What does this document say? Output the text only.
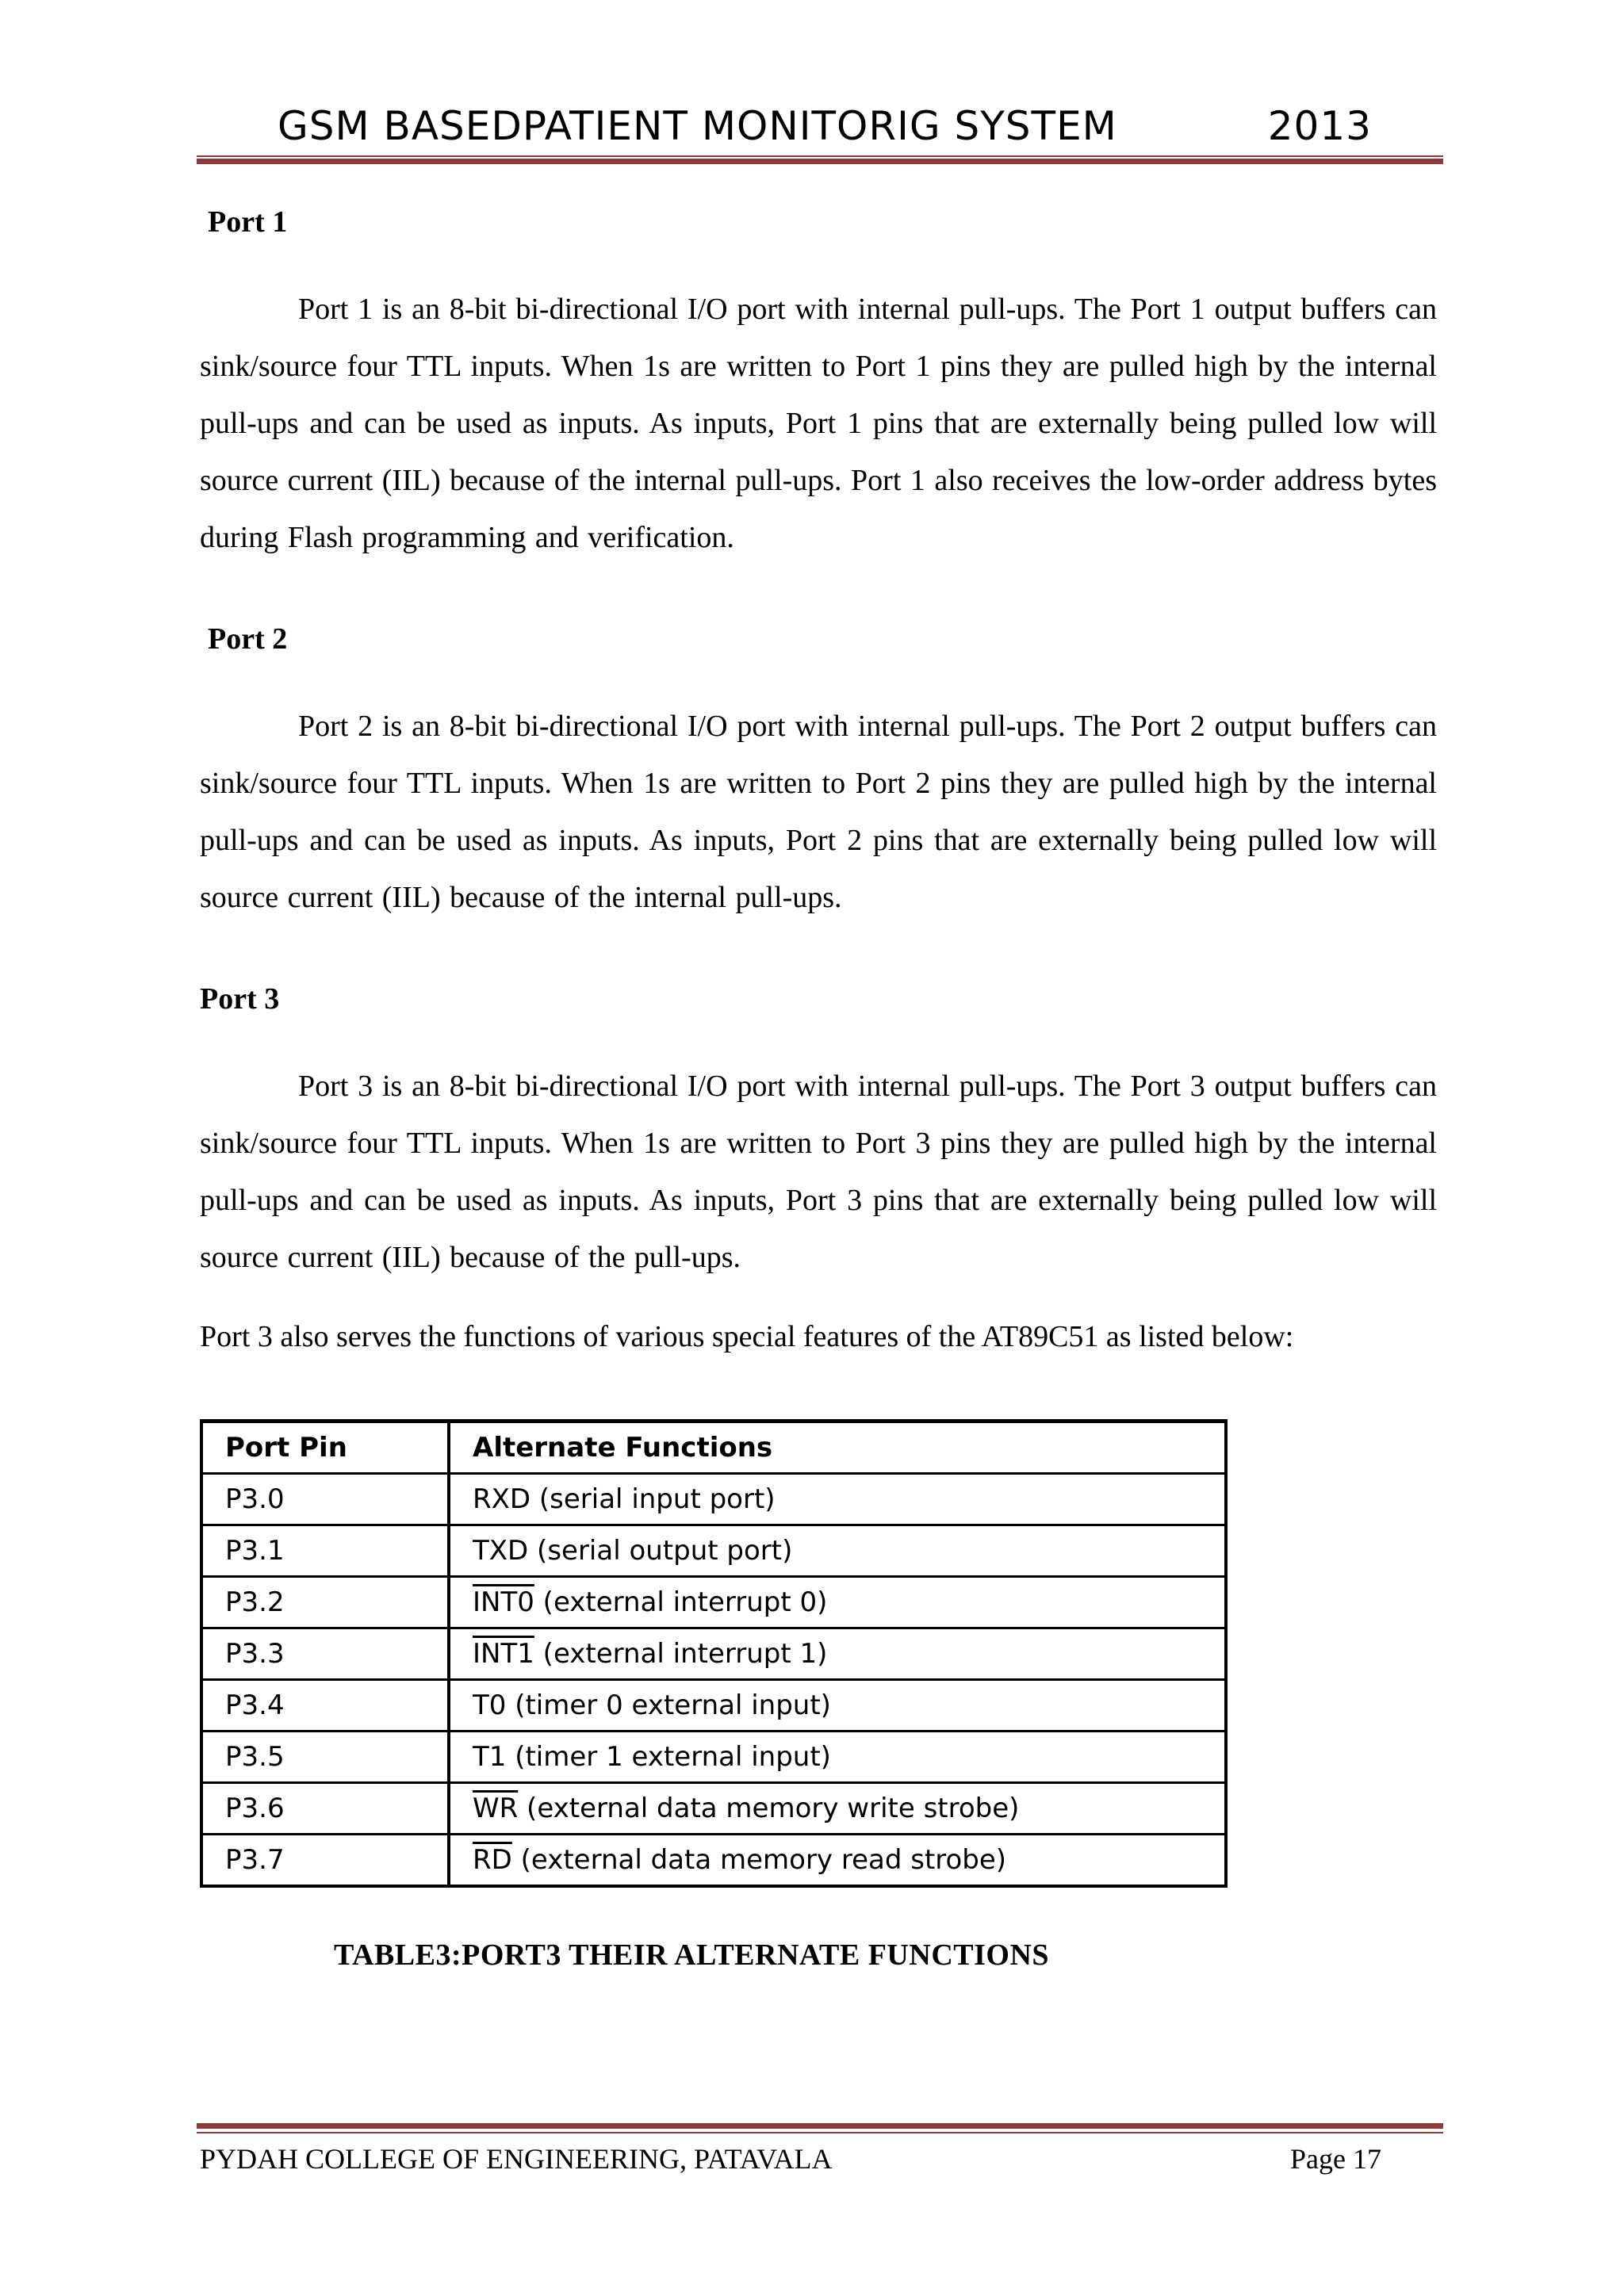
GSM BASEDPATIENT MONITORIG SYSTEM	2013
Port 1

Port 1 is an 8-bit bi-directional I/O port with internal pull-ups. The Port 1 output buffers can sink/source four TTL inputs. When 1s are written to Port 1 pins they are pulled high by the internal pull-ups and can be used as inputs. As inputs, Port 1 pins that are externally being pulled low will source current (IIL) because of the internal pull-ups. Port 1 also receives the low-order address bytes during Flash programming and verification.

Port 2

Port 2 is an 8-bit bi-directional I/O port with internal pull-ups. The Port 2 output buffers can sink/source four TTL inputs. When 1s are written to Port 2 pins they are pulled high by the internal pull-ups and can be used as inputs. As inputs, Port 2 pins that are externally being pulled low will source current (IIL) because of the internal pull-ups.

Port 3

Port 3 is an 8-bit bi-directional I/O port with internal pull-ups. The Port 3 output buffers can sink/source four TTL inputs. When 1s are written to Port 3 pins they are pulled high by the internal pull-ups and can be used as inputs. As inputs, Port 3 pins that are externally being pulled low will source current (IIL) because of the pull-ups.

Port 3 also serves the functions of various special features of the AT89C51 as listed below:

Port Pin	Alternate Functions
P3.0	RXD (serial input port)
P3.1	TXD (serial output port)
P3.2	INT0 (external interrupt 0)
P3.3	INT1 (external interrupt 1)
P3.4	T0 (timer 0 external input)
P3.5	T1 (timer 1 external input)
P3.6	$\overline{WR}$ (external data memory write strobe)
P3.7	$\overline{RD}$ (external data memory read strobe)
TABLE3:PORT3 THEIR ALTERNATE FUNCTIONS
PYDAH COLLEGE OF ENGINEERING, PATAVALA	Page 17
